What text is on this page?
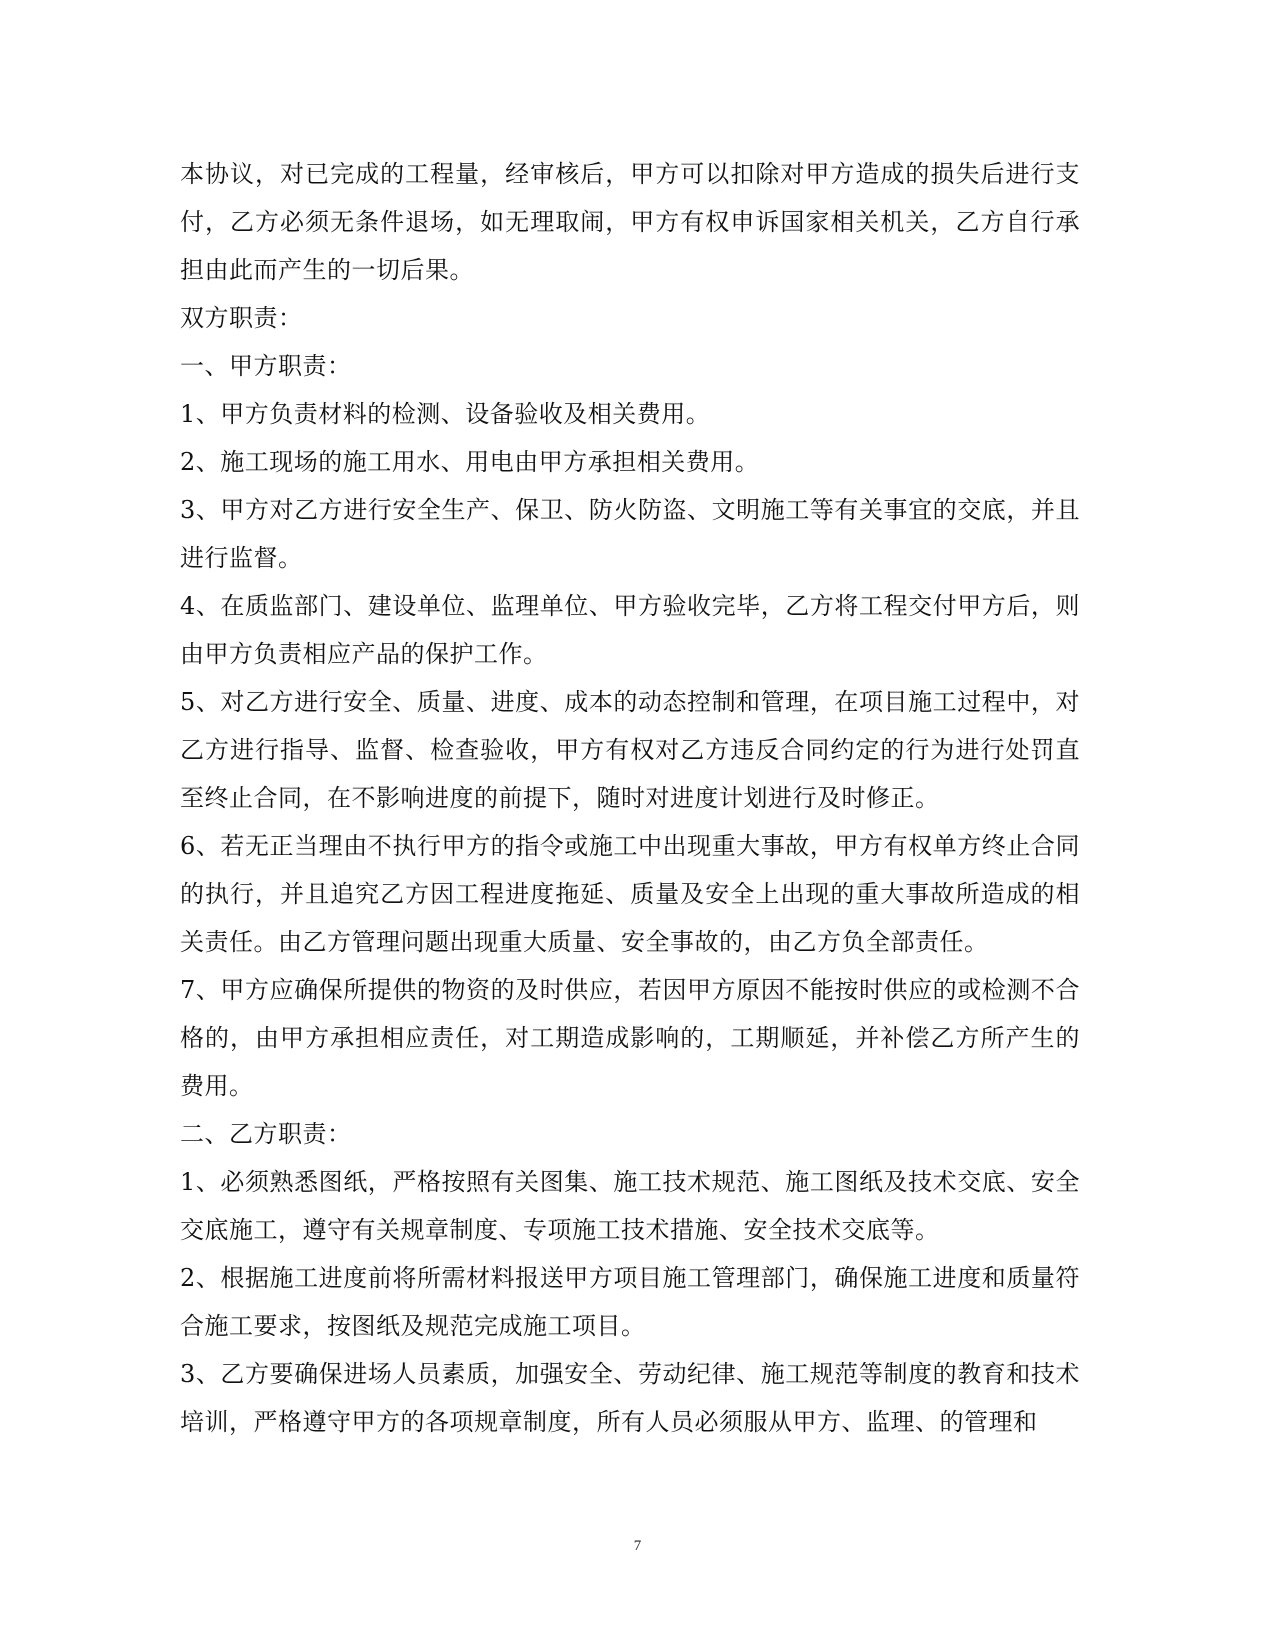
本协议，对已完成的工程量，经审核后，甲方可以扣除对甲方造成的损失后进行支付，乙方必须无条件退场，如无理取闹，甲方有权申诉国家相关机关，乙方自行承担由此而产生的一切后果。

双方职责：

一、甲方职责：

1、甲方负责材料的检测、设备验收及相关费用。

2、施工现场的施工用水、用电由甲方承担相关费用。

3、甲方对乙方进行安全生产、保卫、防火防盗、文明施工等有关事宜的交底，并且进行监督。

4、在质监部门、建设单位、监理单位、甲方验收完毕，乙方将工程交付甲方后，则由甲方负责相应产品的保护工作。

5、对乙方进行安全、质量、进度、成本的动态控制和管理，在项目施工过程中，对乙方进行指导、监督、检查验收，甲方有权对乙方违反合同约定的行为进行处罚直至终止合同，在不影响进度的前提下，随时对进度计划进行及时修正。

6、若无正当理由不执行甲方的指令或施工中出现重大事故，甲方有权单方终止合同的执行，并且追究乙方因工程进度拖延、质量及安全上出现的重大事故所造成的相关责任。由乙方管理问题出现重大质量、安全事故的，由乙方负全部责任。

7、甲方应确保所提供的物资的及时供应，若因甲方原因不能按时供应的或检测不合格的，由甲方承担相应责任，对工期造成影响的，工期顺延，并补偿乙方所产生的费用。

二、乙方职责：

1、必须熟悉图纸，严格按照有关图集、施工技术规范、施工图纸及技术交底、安全交底施工，遵守有关规章制度、专项施工技术措施、安全技术交底等。

2、根据施工进度前将所需材料报送甲方项目施工管理部门，确保施工进度和质量符合施工要求，按图纸及规范完成施工项目。

3、乙方要确保进场人员素质，加强安全、劳动纪律、施工规范等制度的教育和技术培训，严格遵守甲方的各项规章制度，所有人员必须服从甲方、监理、的管理和

7
